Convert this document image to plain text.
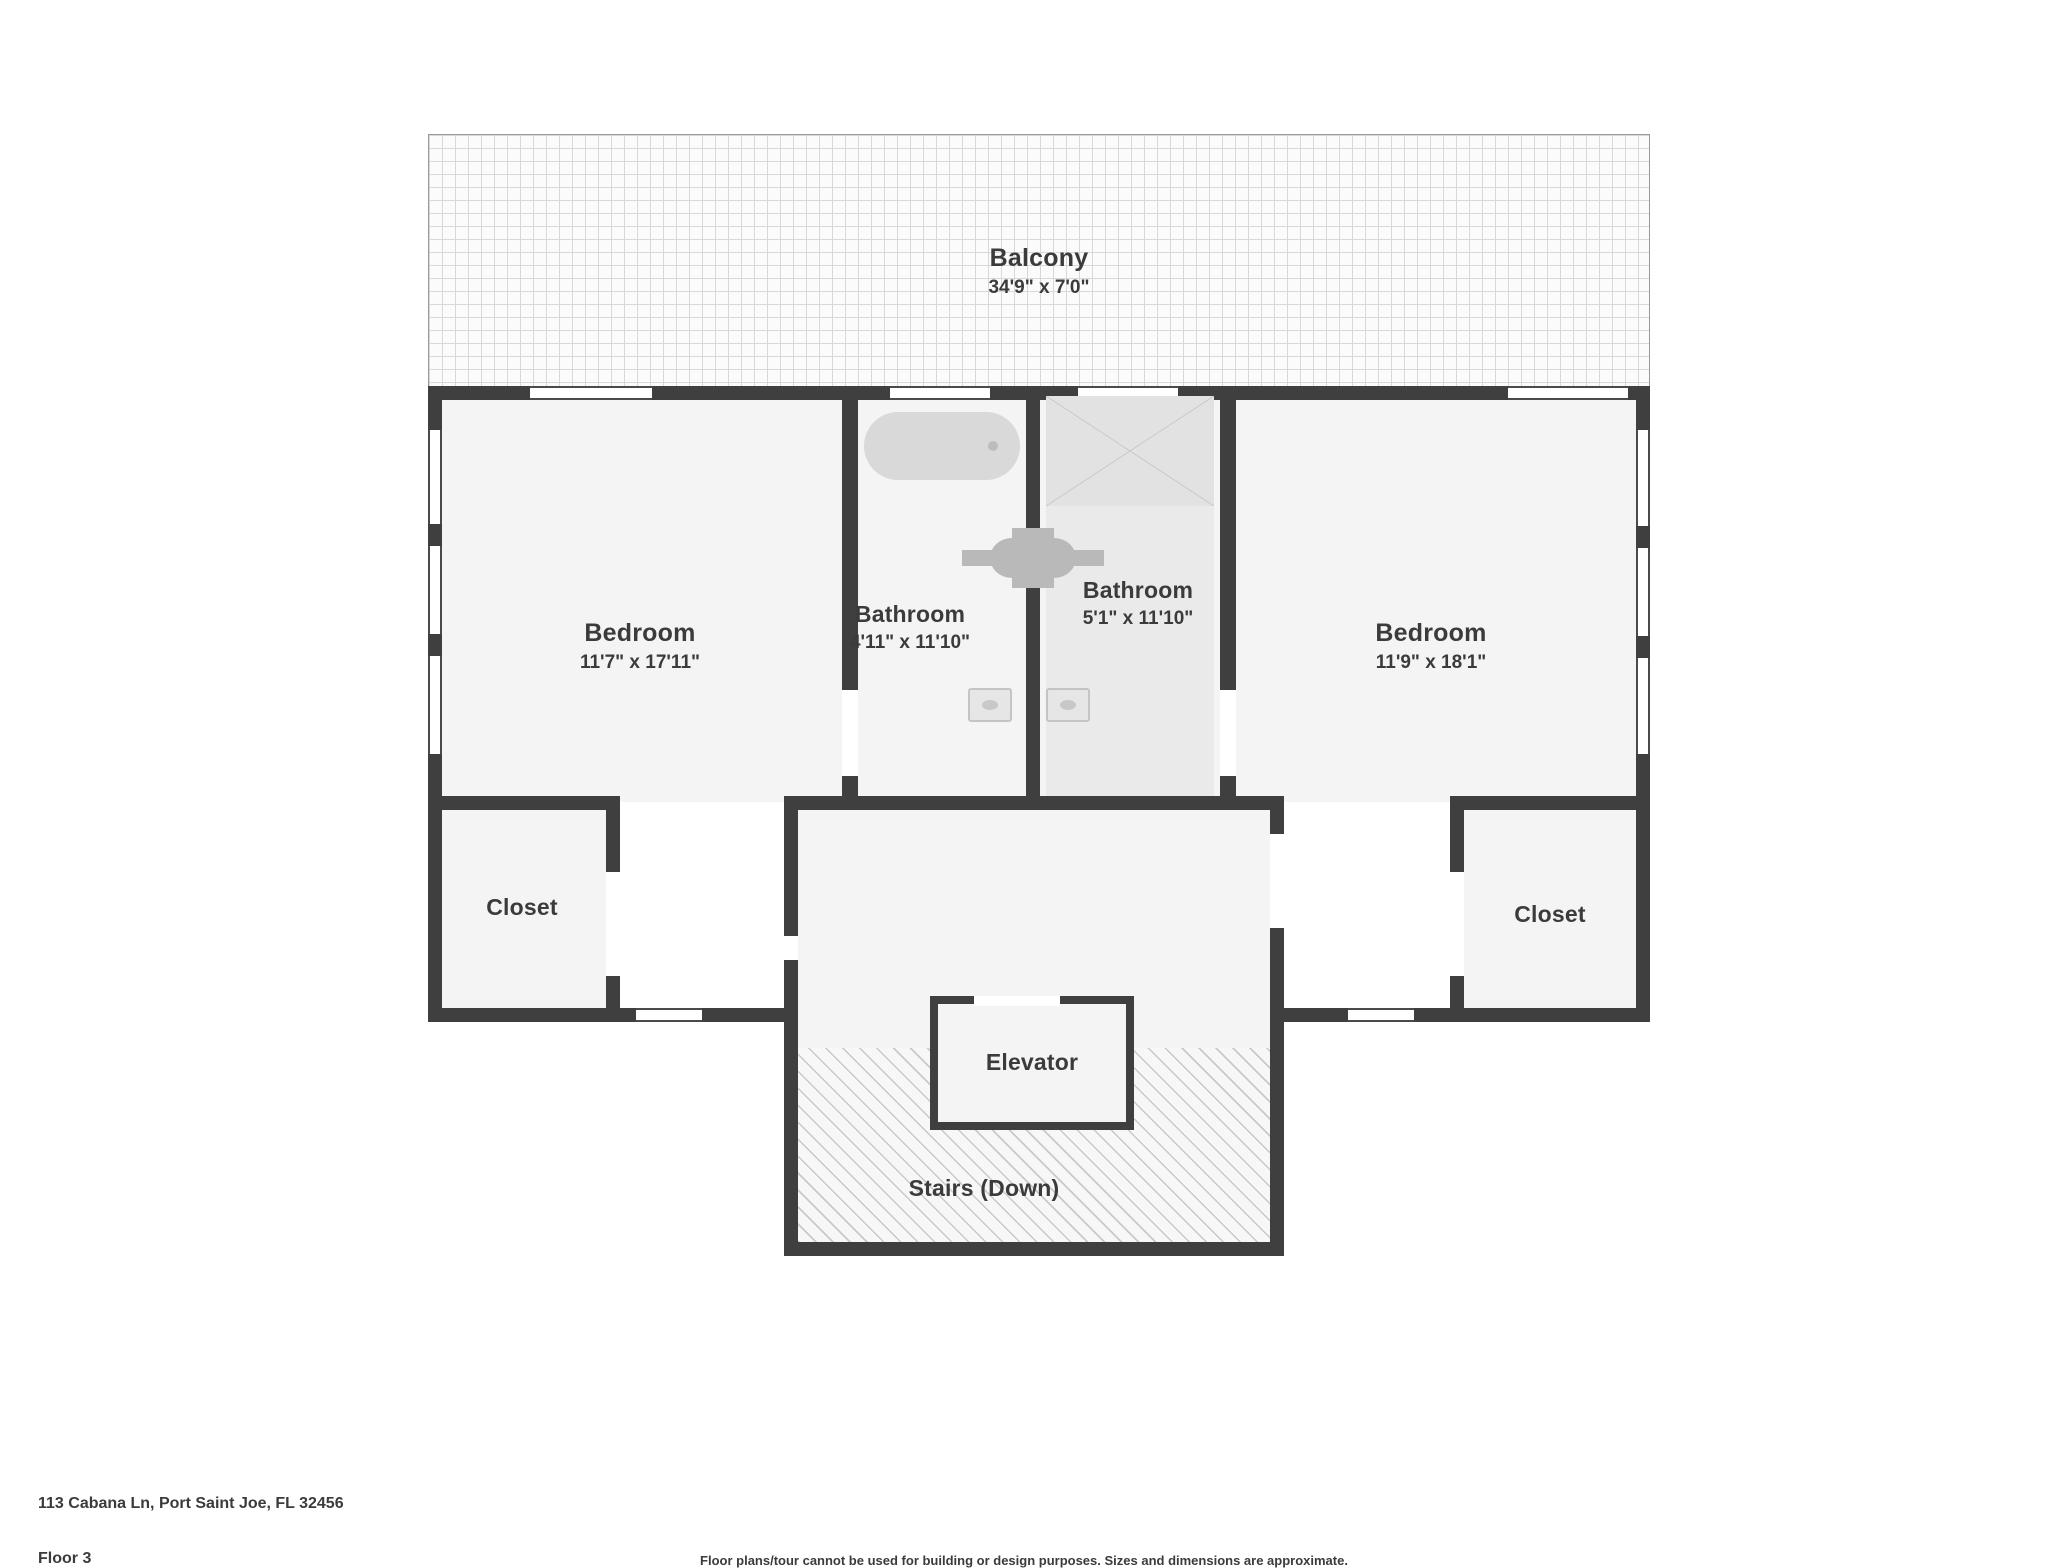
Balcony
34'9" x 7'0"
Bedroom
11'7" x 17'11"
Bathroom
4'11" x 11'10"
Bathroom
5'1" x 11'10"
Bedroom
11'9" x 18'1"
Closet	Closet
Elevator
Stairs (Down)
113 Cabana Ln, Port Saint Joe, FL 32456
Floor 3	Floor plans/tour cannot be used for building or design purposes. Sizes and dimensions are approximate.
